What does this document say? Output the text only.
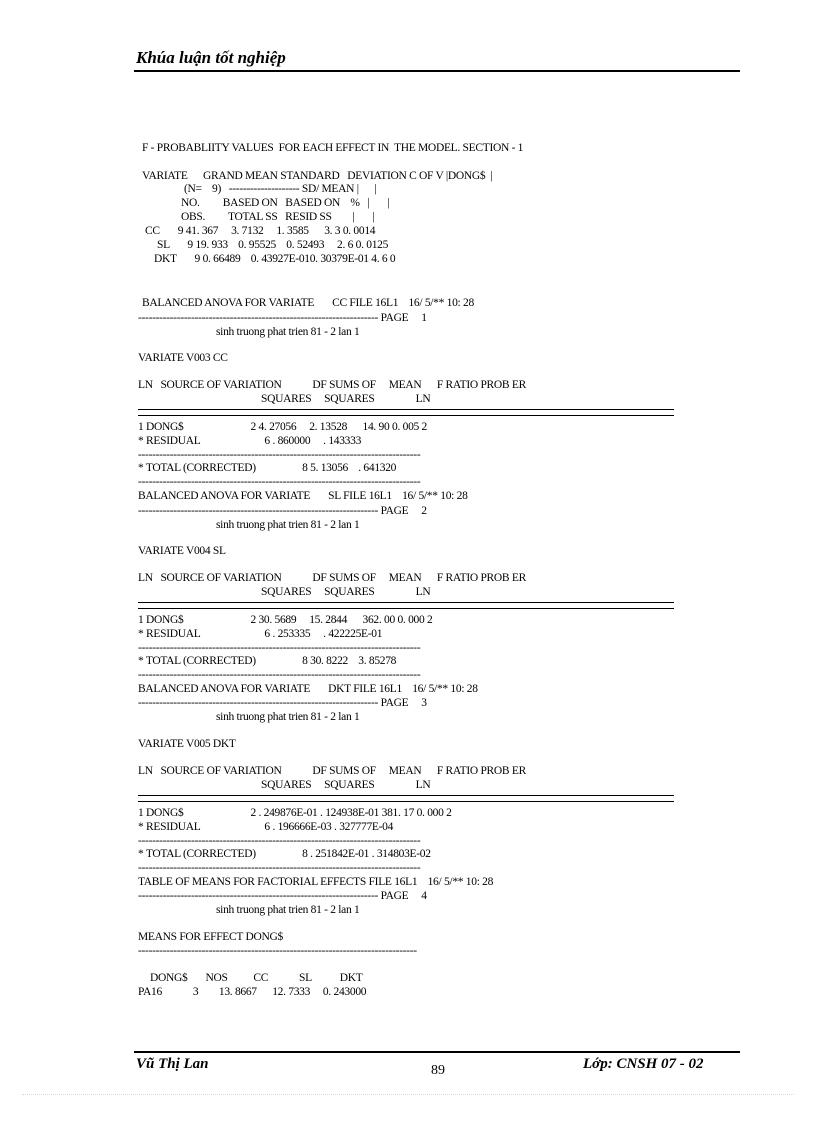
Khúa luận tốt nghiệp
F - PROBABLIITY VALUES  FOR EACH EFFECT IN  THE MODEL. SECTION - 1
VARIATE      GRAND MEAN STANDARD   DEVIATION C OF V |DONG$  |
(N=    9)   -------------------- SD/ MEAN |      |
NO.         BASED ON   BASED ON    %   |       |
OBS.         TOTAL SS   RESID SS        |       |
CC       9 41. 367     3. 7132     1. 3585      3. 3 0. 0014
SL       9 19. 933    0. 95525    0. 52493     2. 6 0. 0125
DKT       9 0. 66489    0. 43927E-010. 30379E-01 4. 6 0
BALANCED ANOVA FOR VARIATE       CC FILE 16L1    16/ 5/** 10: 28
-------------------------------------------------------------------- PAGE     1
sinh truong phat trien 81 - 2 lan 1
VARIATE V003 CC
LN   SOURCE OF VARIATION            DF SUMS OF     MEAN      F RATIO PROB ER
SQUARES     SQUARES                LN
1 DONG$                          2 4. 27056     2. 13528      14. 90 0. 005 2
* RESIDUAL                         6 . 860000     . 143333
--------------------------------------------------------------------------------
* TOTAL (CORRECTED)                  8 5. 13056    . 641320
--------------------------------------------------------------------------------
BALANCED ANOVA FOR VARIATE       SL FILE 16L1    16/ 5/** 10: 28
-------------------------------------------------------------------- PAGE     2
sinh truong phat trien 81 - 2 lan 1
VARIATE V004 SL
LN   SOURCE OF VARIATION            DF SUMS OF     MEAN      F RATIO PROB ER
SQUARES     SQUARES                LN
1 DONG$                          2 30. 5689     15. 2844      362. 00 0. 000 2
* RESIDUAL                         6 . 253335     . 422225E-01
--------------------------------------------------------------------------------
* TOTAL (CORRECTED)                  8 30. 8222    3. 85278
--------------------------------------------------------------------------------
BALANCED ANOVA FOR VARIATE       DKT FILE 16L1    16/ 5/** 10: 28
-------------------------------------------------------------------- PAGE     3
sinh truong phat trien 81 - 2 lan 1
VARIATE V005 DKT
LN   SOURCE OF VARIATION            DF SUMS OF     MEAN      F RATIO PROB ER
SQUARES     SQUARES                LN
1 DONG$                          2 . 249876E-01 . 124938E-01 381. 17 0. 000 2
* RESIDUAL                         6 . 196666E-03 . 327777E-04
--------------------------------------------------------------------------------
* TOTAL (CORRECTED)                  8 . 251842E-01 . 314803E-02
--------------------------------------------------------------------------------
TABLE OF MEANS FOR FACTORIAL EFFECTS FILE 16L1    16/ 5/** 10: 28
-------------------------------------------------------------------- PAGE     4
sinh truong phat trien 81 - 2 lan 1
MEANS FOR EFFECT DONG$
-------------------------------------------------------------------------------
DONG$       NOS          CC            SL           DKT
PA16            3        13. 8667      12. 7333     0. 243000
Vũ Thị Lan	89	Lớp: CNSH 07 - 02
